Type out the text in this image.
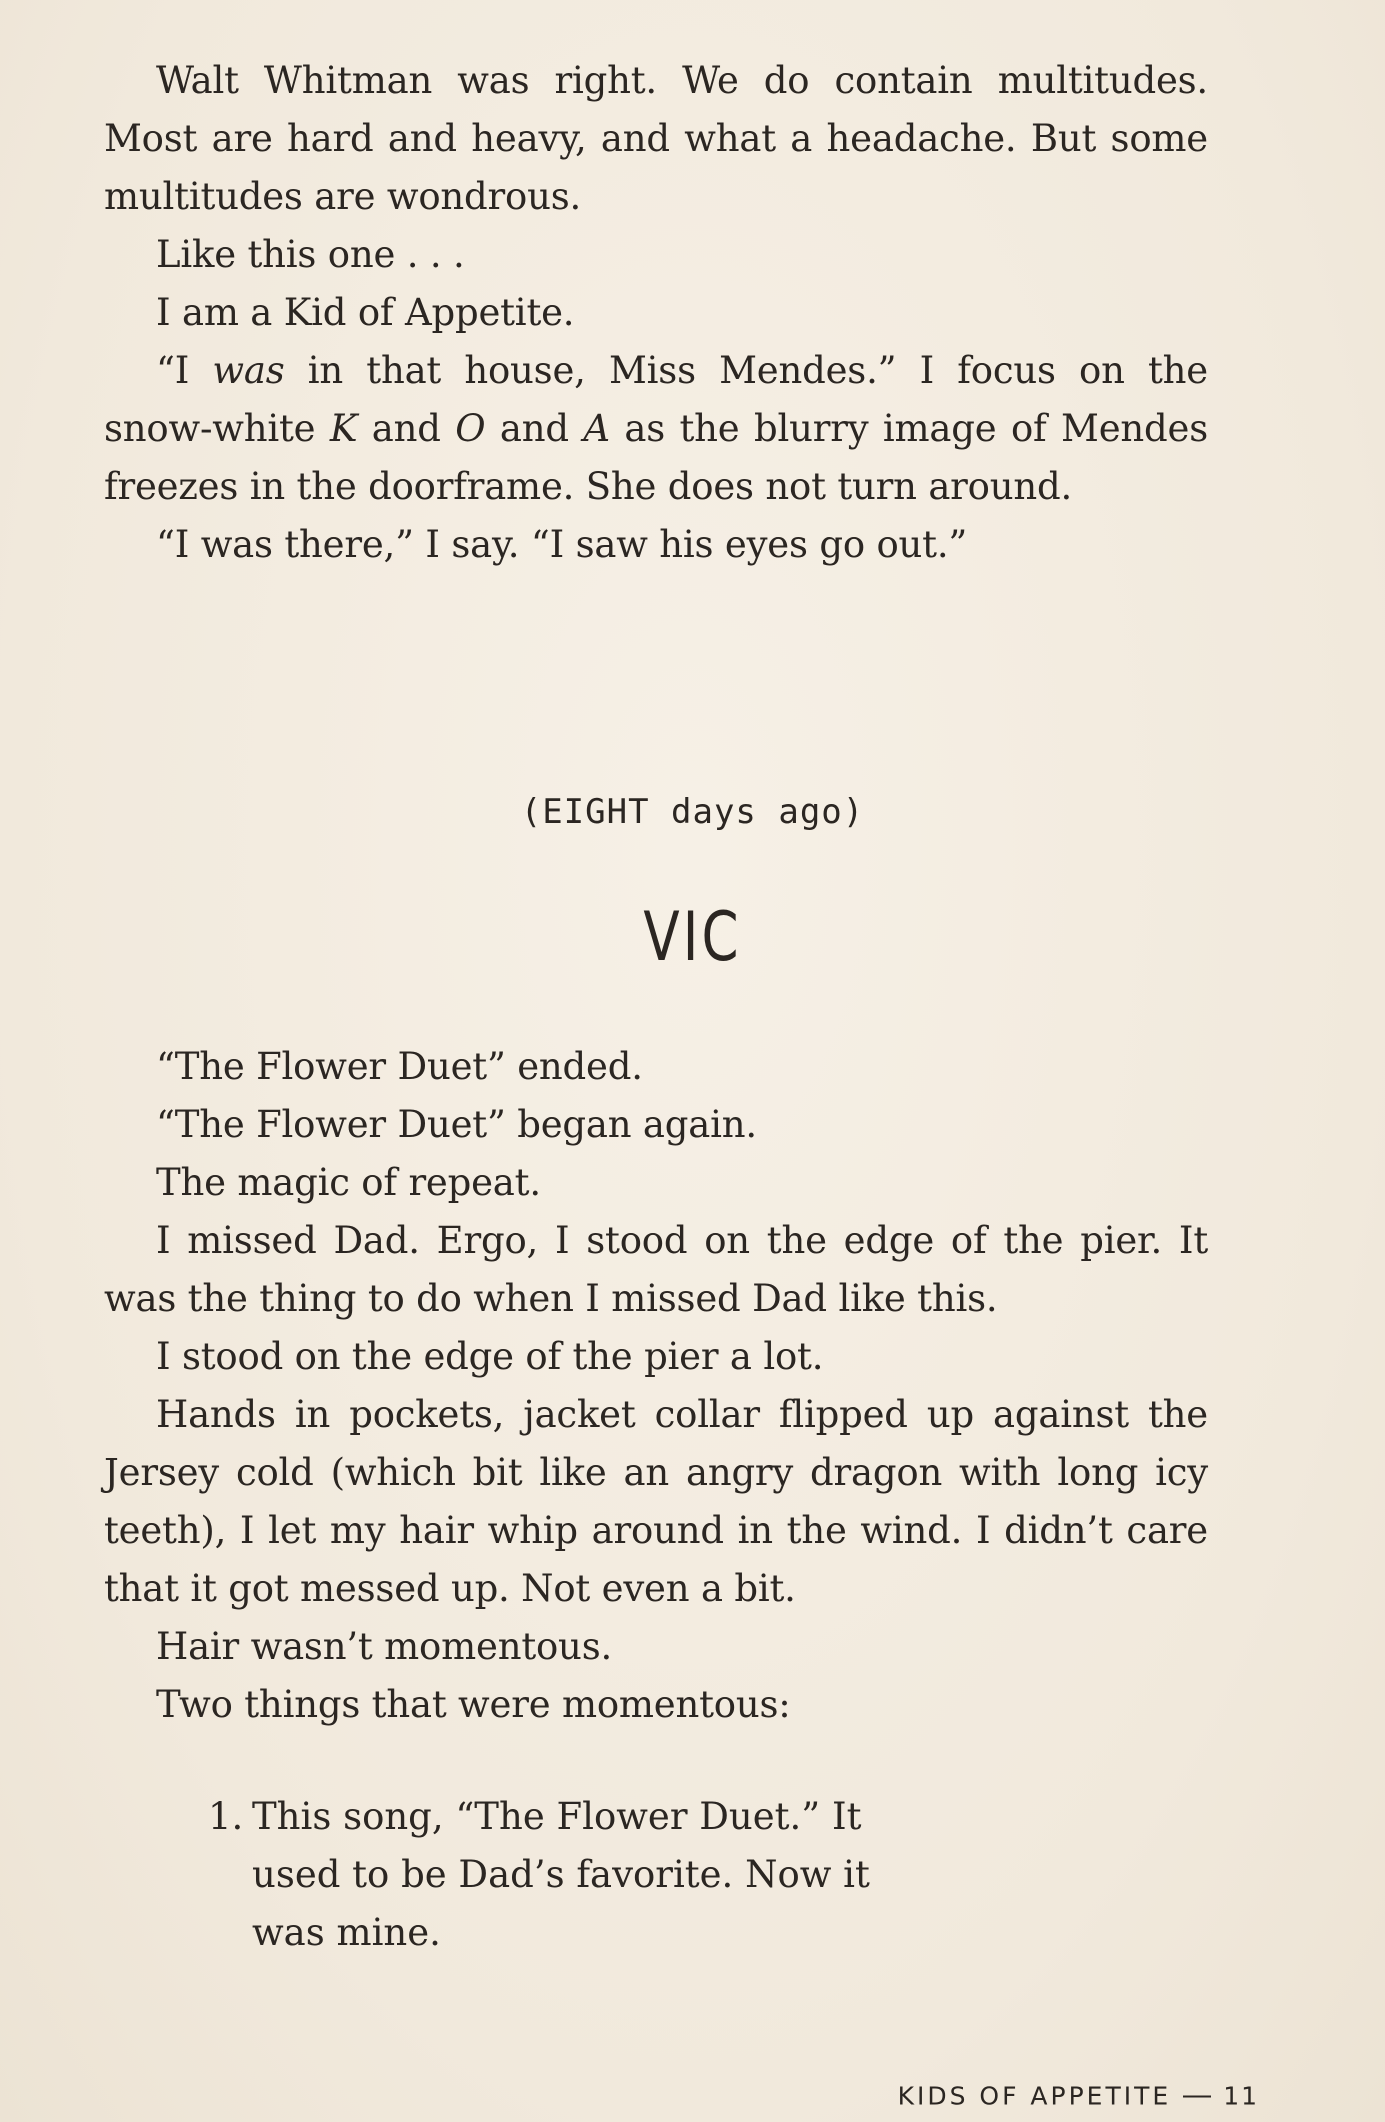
Walt Whitman was right. We do contain multitudes. Most are hard and heavy, and what a headache. But some multitudes are wondrous.

Like this one . . .

I am a Kid of Appetite.

“I was in that house, Miss Mendes.” I focus on the snow-white K and O and A as the blurry image of Mendes freezes in the doorframe. She does not turn around.

“I was there,” I say. “I saw his eyes go out.”

(EIGHT days ago)
VIC

“The Flower Duet” ended.

“The Flower Duet” began again.

The magic of repeat.

I missed Dad. Ergo, I stood on the edge of the pier. It was the thing to do when I missed Dad like this.

I stood on the edge of the pier a lot.

Hands in pockets, jacket collar flipped up against the Jersey cold (which bit like an angry dragon with long icy teeth), I let my hair whip around in the wind. I didn’t care that it got messed up. Not even a bit.

Hair wasn’t momentous.

Two things that were momentous:

1. This song, “The Flower Duet.” It used to be Dad’s favorite. Now it was mine.
KIDS OF APPETITE 11
